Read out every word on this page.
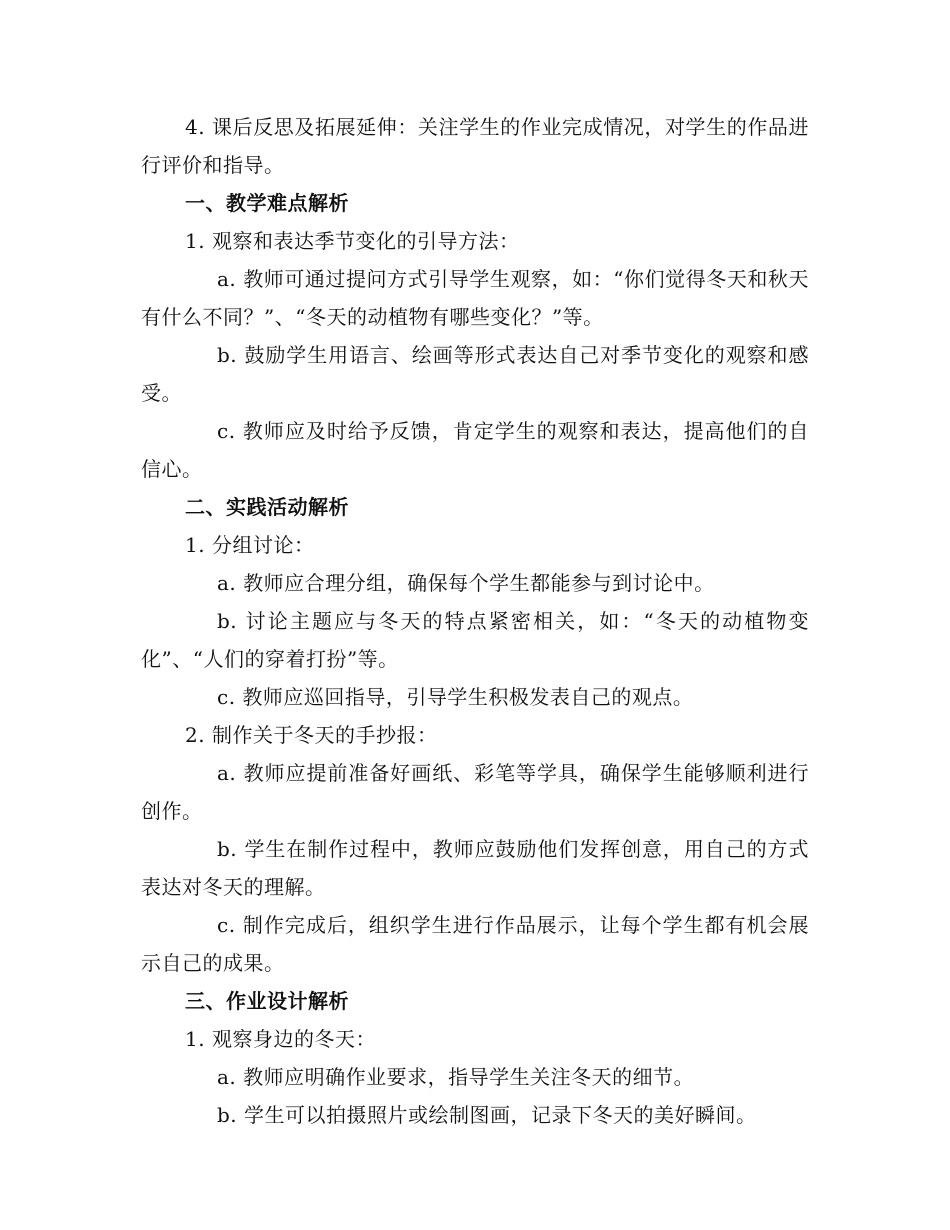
4. 课后反思及拓展延伸：关注学生的作业完成情况，对学生的作品进行评价和指导。

一、教学难点解析

1. 观察和表达季节变化的引导方法：

a. 教师可通过提问方式引导学生观察，如：“你们觉得冬天和秋天有什么不同？”、“冬天的动植物有哪些变化？”等。

b. 鼓励学生用语言、绘画等形式表达自己对季节变化的观察和感受。

c. 教师应及时给予反馈，肯定学生的观察和表达，提高他们的自信心。

二、实践活动解析

1. 分组讨论：

a. 教师应合理分组，确保每个学生都能参与到讨论中。

b. 讨论主题应与冬天的特点紧密相关，如：“冬天的动植物变化”、“人们的穿着打扮”等。

c. 教师应巡回指导，引导学生积极发表自己的观点。

2. 制作关于冬天的手抄报：

a. 教师应提前准备好画纸、彩笔等学具，确保学生能够顺利进行创作。

b. 学生在制作过程中，教师应鼓励他们发挥创意，用自己的方式表达对冬天的理解。

c. 制作完成后，组织学生进行作品展示，让每个学生都有机会展示自己的成果。

三、作业设计解析

1. 观察身边的冬天：

a. 教师应明确作业要求，指导学生关注冬天的细节。

b. 学生可以拍摄照片或绘制图画，记录下冬天的美好瞬间。
